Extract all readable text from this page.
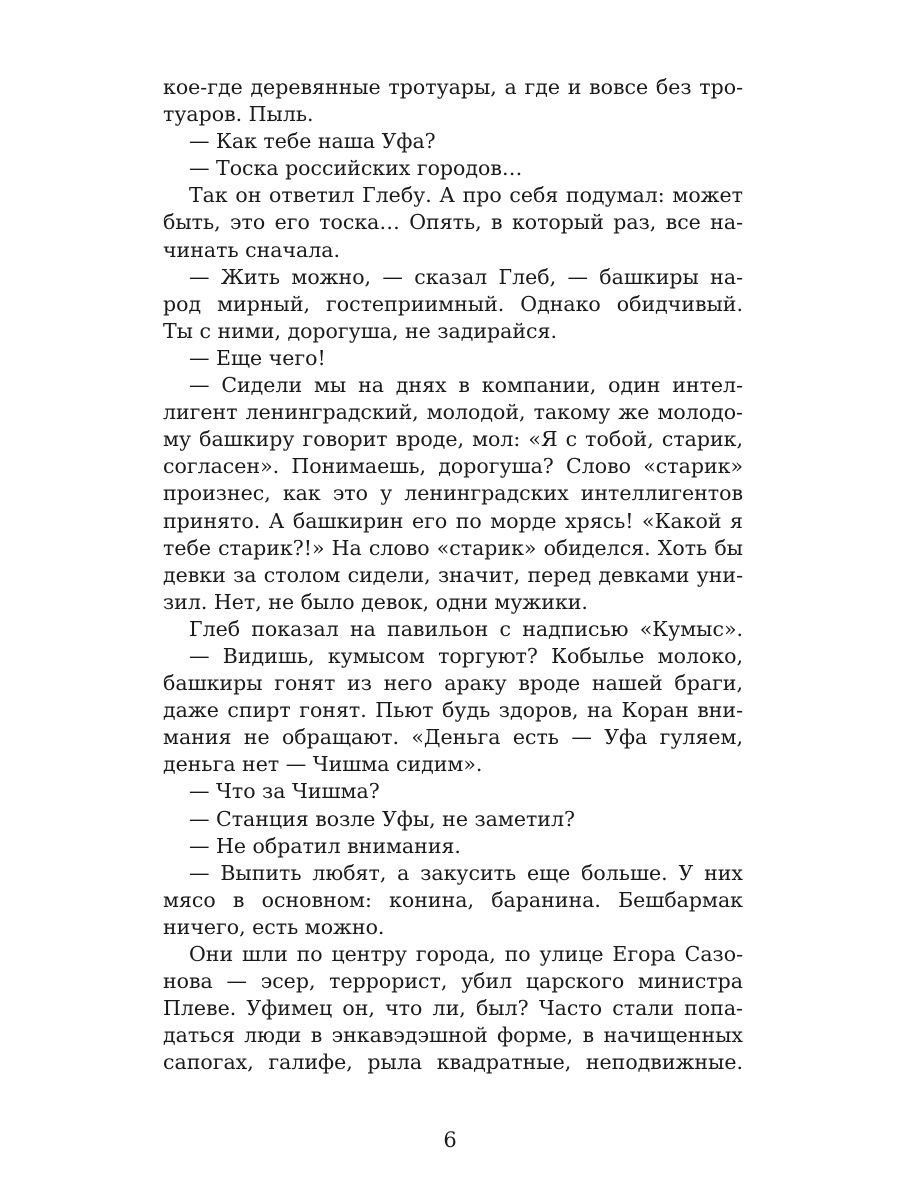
кое-где деревянные тротуары, а где и вовсе без тро-
туаров. Пыль.
— Как тебе наша Уфа?
— Тоска российских городов…
Так он ответил Глебу. А про себя подумал: может
быть, это его тоска… Опять, в который раз, все на-
чинать сначала.
— Жить можно, — сказал Глеб, — башкиры на-
род мирный, гостеприимный. Однако обидчивый.
Ты с ними, дорогуша, не задирайся.
— Еще чего!
— Сидели мы на днях в компании, один интел-
лигент ленинградский, молодой, такому же молодо-
му башкиру говорит вроде, мол: «Я с тобой, старик,
согласен». Понимаешь, дорогуша? Слово «старик»
произнес, как это у ленинградских интеллигентов
принято. А башкирин его по морде хрясь! «Какой я
тебе старик?!» На слово «старик» обиделся. Хоть бы
девки за столом сидели, значит, перед девками уни-
зил. Нет, не было девок, одни мужики.
Глеб показал на павильон с надписью «Кумыс».
— Видишь, кумысом торгуют? Кобылье молоко,
башкиры гонят из него араку вроде нашей браги,
даже спирт гонят. Пьют будь здоров, на Коран вни-
мания не обращают. «Деньга есть — Уфа гуляем,
деньга нет — Чишма сидим».
— Что за Чишма?
— Станция возле Уфы, не заметил?
— Не обратил внимания.
— Выпить любят, а закусить еще больше. У них
мясо в основном: конина, баранина. Бешбармак
ничего, есть можно.
Они шли по центру города, по улице Егора Сазо-
нова — эсер, террорист, убил царского министра
Плеве. Уфимец он, что ли, был? Часто стали попа-
даться люди в энкавэдэшной форме, в начищенных
сапогах, галифе, рыла квадратные, неподвижные.
6
